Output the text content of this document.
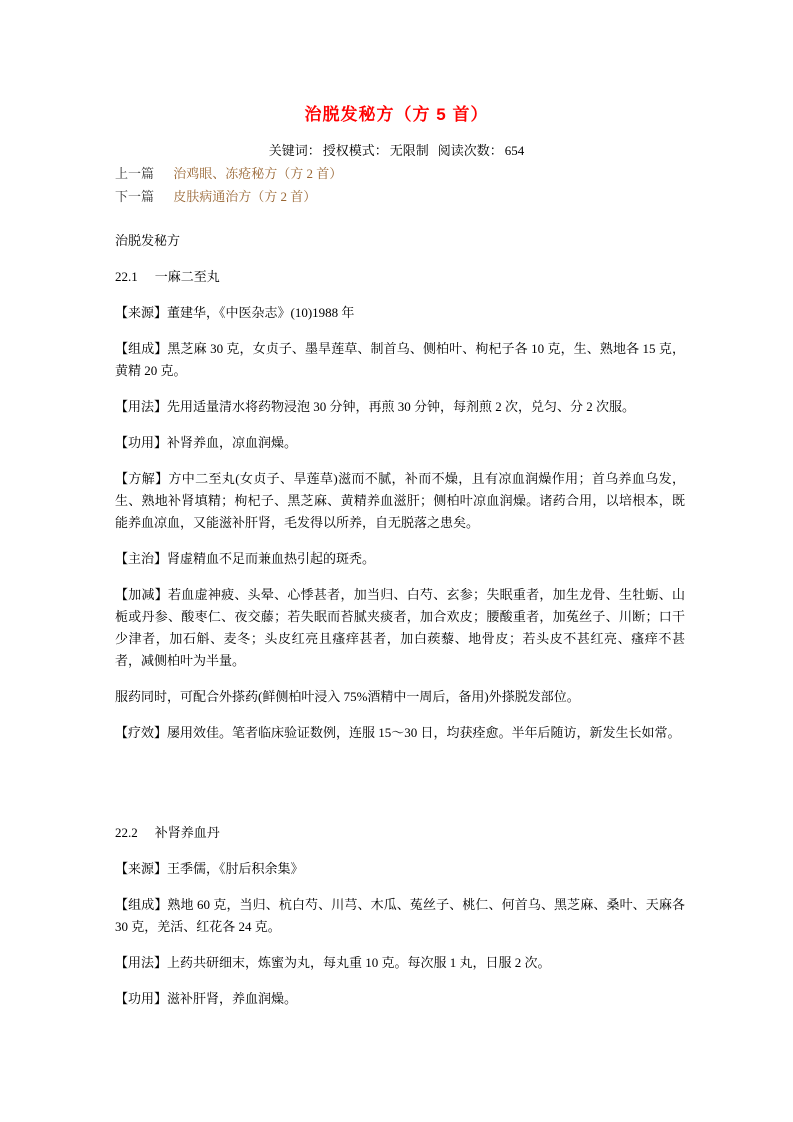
治脱发秘方（方 5 首）
关键词： 授权模式： 无限制 阅读次数： 654
上一篇 治鸡眼、冻疮秘方（方 2 首）
下一篇 皮肤病通治方（方 2 首）

治脱发秘方

22.1 一麻二至丸

【来源】董建华，《中医杂志》(10)1988 年

【组成】黑芝麻 30 克，女贞子、墨旱莲草、制首乌、侧柏叶、枸杞子各 10 克，生、熟地各 15 克，黄精 20 克。

【用法】先用适量清水将药物浸泡 30 分钟，再煎 30 分钟，每剂煎 2 次，兑匀、分 2 次服。

【功用】补肾养血，凉血润燥。

【方解】方中二至丸(女贞子、旱莲草)滋而不腻，补而不燥，且有凉血润燥作用；首乌养血乌发，生、熟地补肾填精；枸杞子、黑芝麻、黄精养血滋肝；侧柏叶凉血润燥。诸药合用，以培根本，既能养血凉血，又能滋补肝肾，毛发得以所养，自无脱落之患矣。

【主治】肾虚精血不足而兼血热引起的斑秃。

【加减】若血虚神疲、头晕、心悸甚者，加当归、白芍、玄参；失眠重者，加生龙骨、生牡蛎、山栀或丹参、酸枣仁、夜交藤；若失眠而苔腻夹痰者，加合欢皮；腰酸重者，加菟丝子、川断；口干少津者，加石斛、麦冬；头皮红亮且瘙痒甚者，加白蒺藜、地骨皮；若头皮不甚红亮、瘙痒不甚者，减侧柏叶为半量。

服药同时，可配合外搽药(鲜侧柏叶浸入 75%酒精中一周后，备用)外搽脱发部位。

【疗效】屡用效佳。笔者临床验证数例，连服 15～30 日，均获痊愈。半年后随访，新发生长如常。

22.2 补肾养血丹

【来源】王季儒，《肘后积余集》

【组成】熟地 60 克，当归、杭白芍、川芎、木瓜、菟丝子、桃仁、何首乌、黑芝麻、桑叶、天麻各 30 克，羌活、红花各 24 克。

【用法】上药共研细末，炼蜜为丸，每丸重 10 克。每次服 1 丸，日服 2 次。

【功用】滋补肝肾，养血润燥。
